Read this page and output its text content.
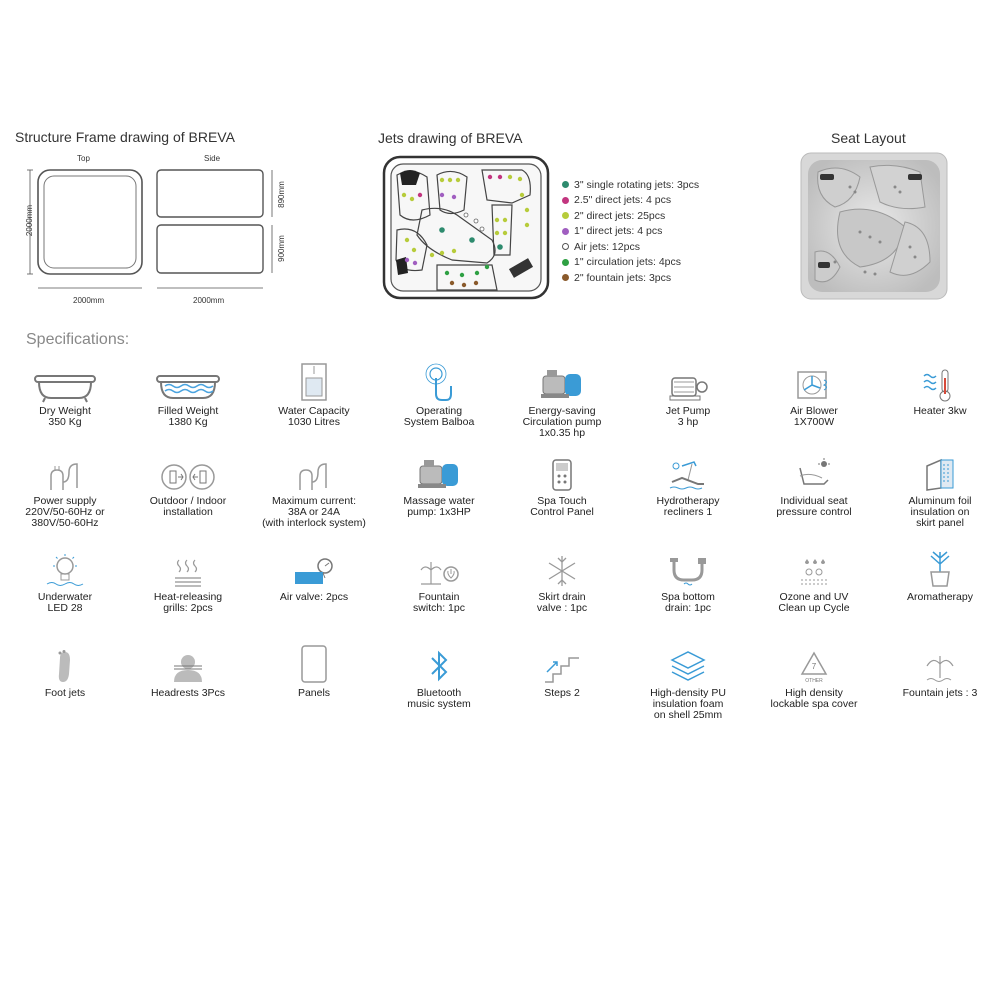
Structure Frame drawing of BREVA
Top	Side
2000mm
890mm
900mm
2000mm	2000mm
Jets drawing of BREVA
3" single rotating jets: 3pcs
2.5" direct jets: 4 pcs
2" direct jets: 25pcs
1" direct jets: 4 pcs
Air jets: 12pcs
1" circulation jets: 4pcs
2" fountain jets: 3pcs
Seat Layout
Specifications:
Dry Weight
350 Kg
Filled Weight
1380 Kg
Water Capacity
1030 Litres
Operating
System Balboa
Energy-saving
Circulation pump
1x0.35 hp
Jet Pump
3 hp
Air Blower
1X700W
Heater 3kw
Power supply
220V/50-60Hz or
380V/50-60Hz
Outdoor / Indoor
installation
Maximum current:
38A or 24A
(with interlock system)
Massage water
pump: 1x3HP
Spa Touch
Control Panel
Hydrotherapy
recliners 1
Individual seat
pressure control
Aluminum foil
insulation on
skirt panel
Underwater
LED 28
Heat-releasing
grills: 2pcs
Air valve: 2pcs	Fountain
switch: 1pc
Skirt drain
valve : 1pc
Spa bottom
drain: 1pc
Ozone and UV
Clean up Cycle
Aromatherapy
Foot jets	Headrests 3Pcs	Panels	Bluetooth
music system
Steps 2	High-density PU
insulation foam
on shell 25mm
7
OTHER
High density
lockable spa cover
Fountain jets : 3
